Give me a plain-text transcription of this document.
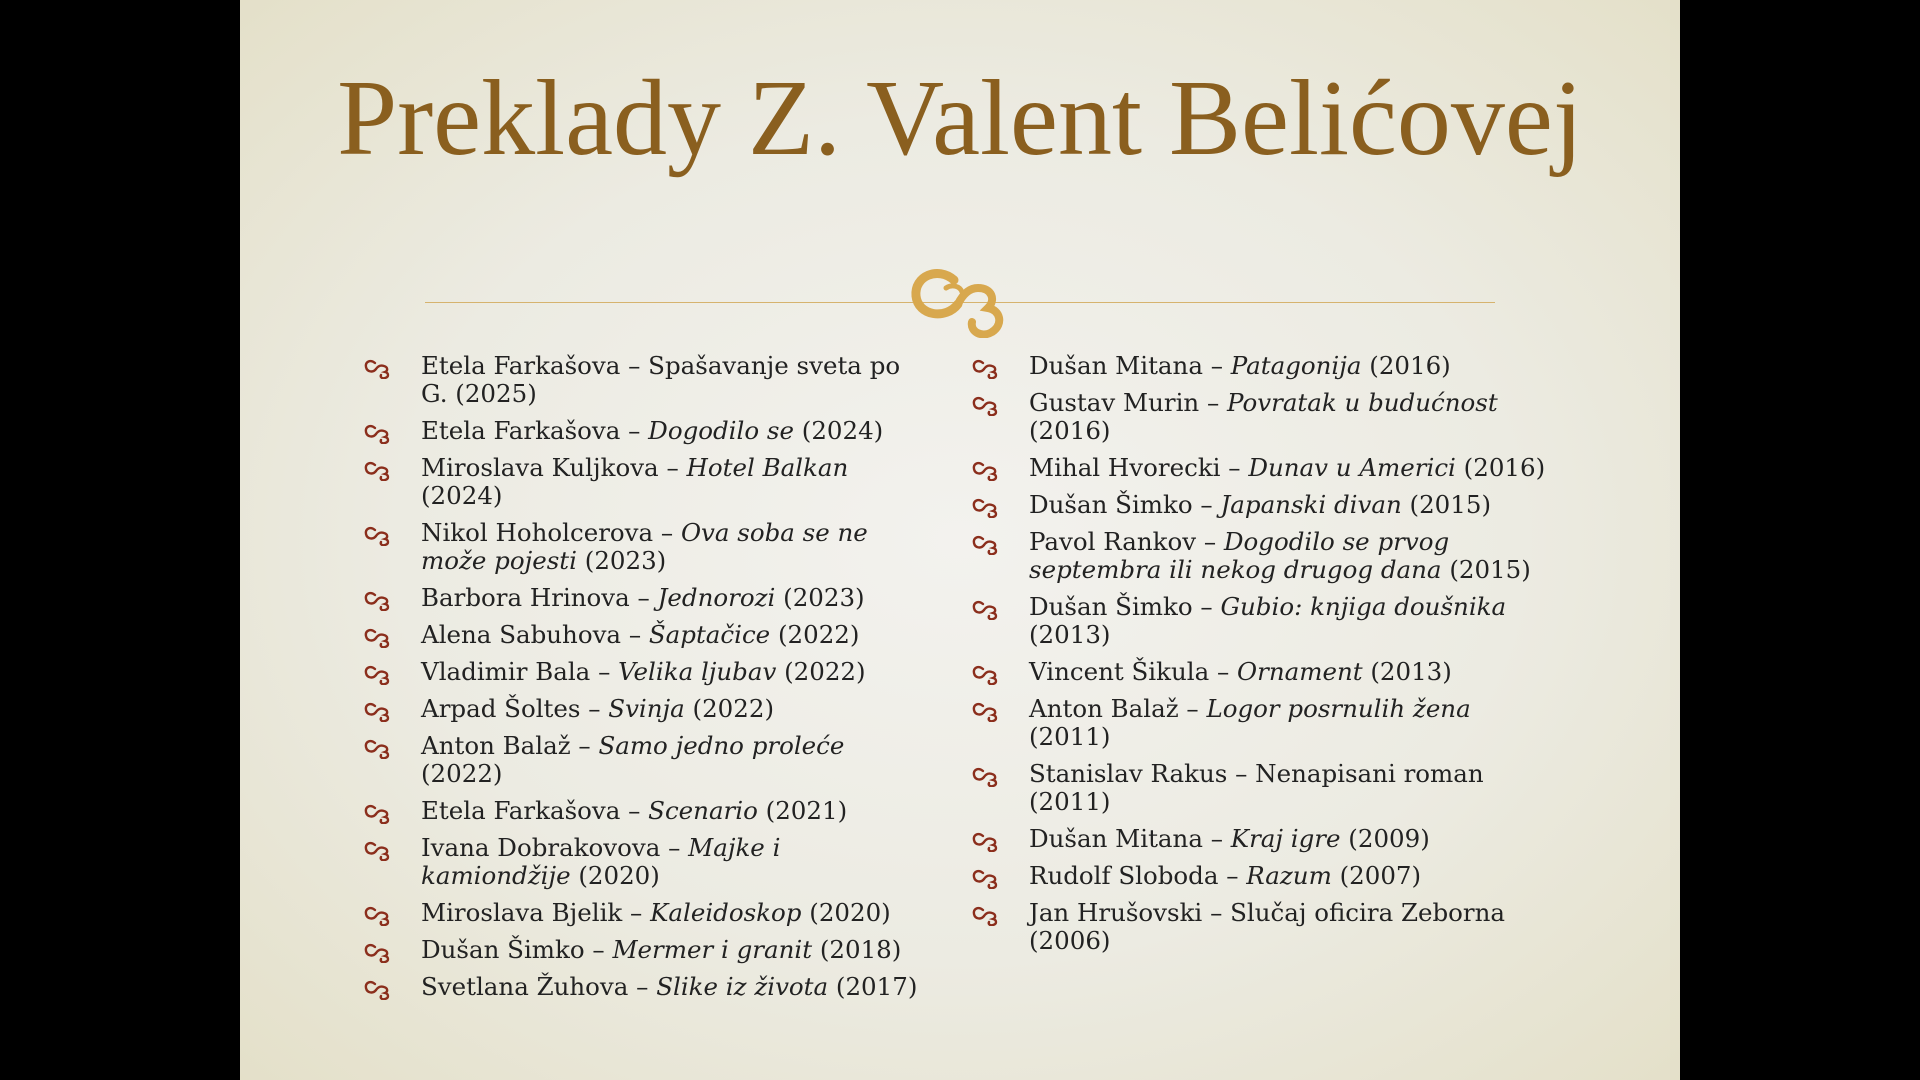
Preklady Z. Valent Belićovej
Etela Farkašova – Spašavanje sveta po G. (2025)
Etela Farkašova – Dogodilo se (2024)
Miroslava Kuljkova – Hotel Balkan (2024)
Nikol Hoholcerova – Ova soba se ne može pojesti (2023)
Barbora Hrinova – Jednorozi (2023)
Alena Sabuhova – Šaptačice (2022)
Vladimir Bala – Velika ljubav (2022)
Arpad Šoltes – Svinja (2022)
Anton Balaž – Samo jedno proleće (2022)
Etela Farkašova – Scenario (2021)
Ivana Dobrakovova – Majke i kamiondžije (2020)
Miroslava Bjelik – Kaleidoskop (2020)
Dušan Šimko – Mermer i granit (2018)
Svetlana Žuhova – Slike iz života (2017)
Dušan Mitana – Patagonija (2016)
Gustav Murin – Povratak u budućnost (2016)
Mihal Hvorecki – Dunav u Americi (2016)
Dušan Šimko – Japanski divan (2015)
Pavol Rankov – Dogodilo se prvog septembra ili nekog drugog dana (2015)
Dušan Šimko – Gubio: knjiga doušnika (2013)
Vincent Šikula – Ornament (2013)
Anton Balaž – Logor posrnulih žena (2011)
Stanislav Rakus – Nenapisani roman (2011)
Dušan Mitana – Kraj igre (2009)
Rudolf Sloboda – Razum (2007)
Jan Hrušovski – Slučaj oficira Zeborna (2006)
